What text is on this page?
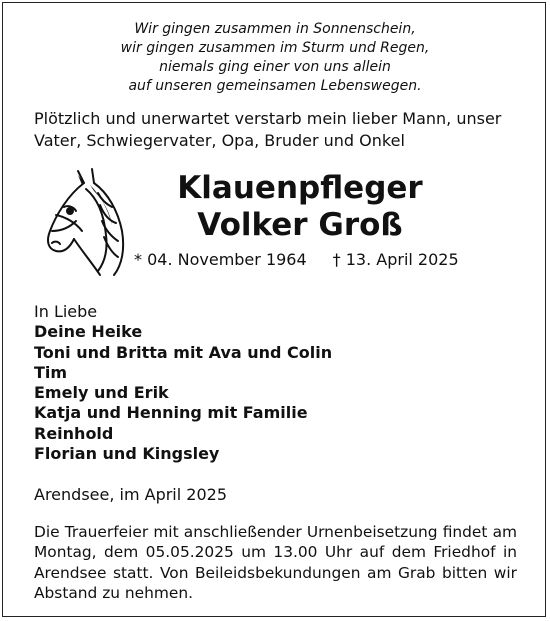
Wir gingen zusammen in Sonnenschein,
wir gingen zusammen im Sturm und Regen,
niemals ging einer von uns allein
auf unseren gemeinsamen Lebenswegen.
Plötzlich und unerwartet verstarb mein lieber Mann, unser Vater, Schwiegervater, Opa, Bruder und Onkel
Klauenpfleger
Volker Groß
* 04. November 1964 † 13. April 2025
In Liebe
Deine Heike
Toni und Britta mit Ava und Colin
Tim
Emely und Erik
Katja und Henning mit Familie
Reinhold
Florian und Kingsley
Arendsee, im April 2025
Die Trauerfeier mit anschließender Urnenbeisetzung findet am Montag, dem 05.05.2025 um 13.00 Uhr auf dem Friedhof in Arendsee statt. Von Beileidsbekundungen am Grab bitten wir Abstand zu nehmen.
